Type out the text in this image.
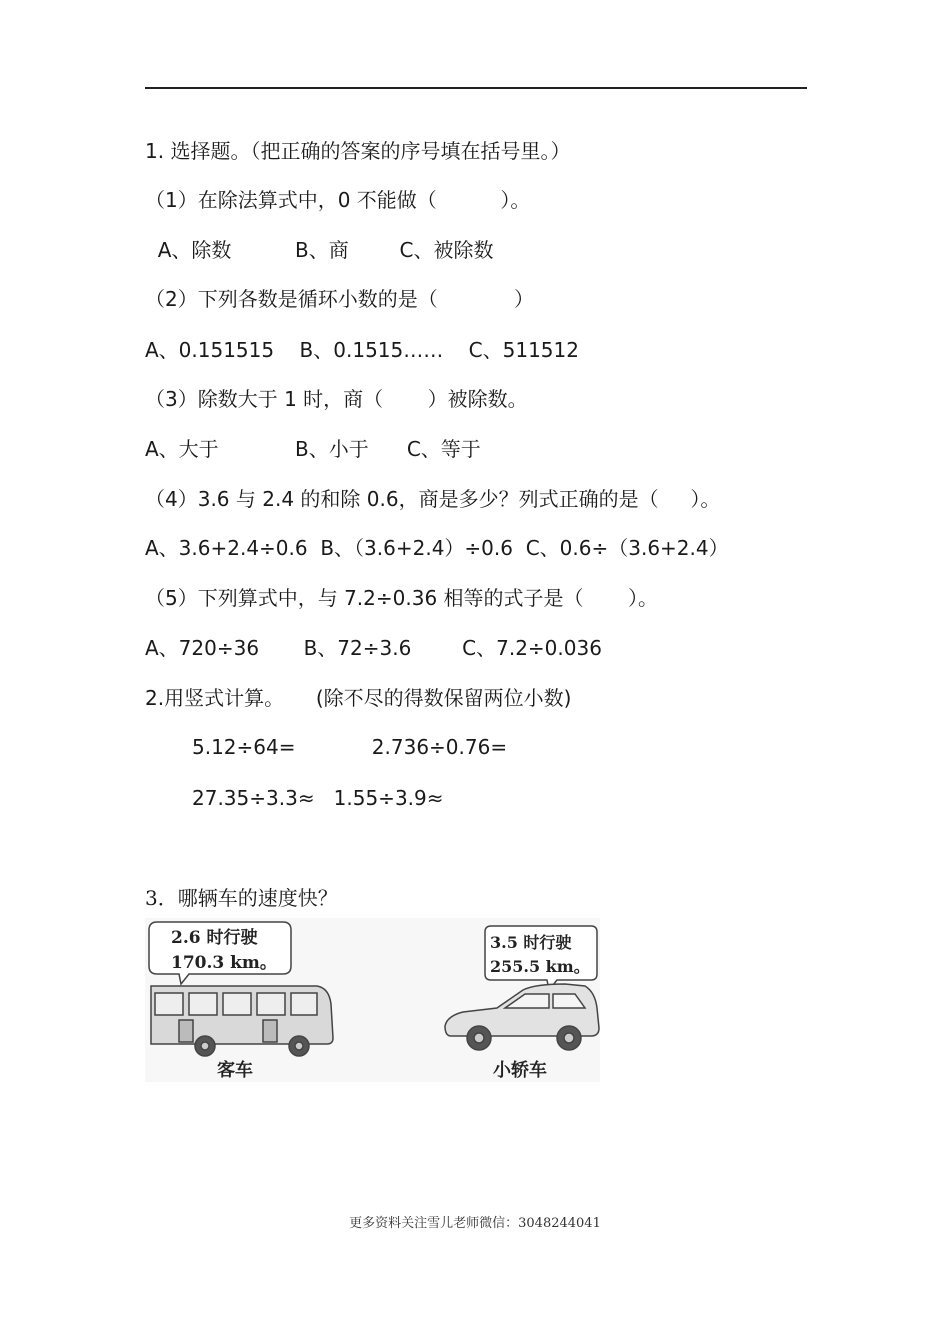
1. 选择题。（把正确的答案的序号填在括号里。）
（1）在除法算式中，0 不能做（          ）。
A、除数          B、商        C、被除数
（2）下列各数是循环小数的是（            ）
A、0.151515    B、0.1515……    C、511512
（3）除数大于 1 时，商（       ）被除数。
A、大于            B、小于      C、等于
（4）3.6 与 2.4 的和除 0.6，商是多少？列式正确的是（     ）。
A、3.6+2.4÷0.6  B、（3.6+2.4）÷0.6  C、0.6÷（3.6+2.4）
（5）下列算式中，与 7.2÷0.36 相等的式子是（       ）。
A、720÷36       B、72÷3.6        C、7.2÷0.036
2.用竖式计算。     (除不尽的得数保留两位小数)
5.12÷64=            2.736÷0.76=
27.35÷3.3≈   1.55÷3.9≈
3．哪辆车的速度快？
2.6 时行驶
170.3 km。
客车
3.5 时行驶
255.5 km。
小轿车
更多资料关注雪儿老师微信：3048244041
